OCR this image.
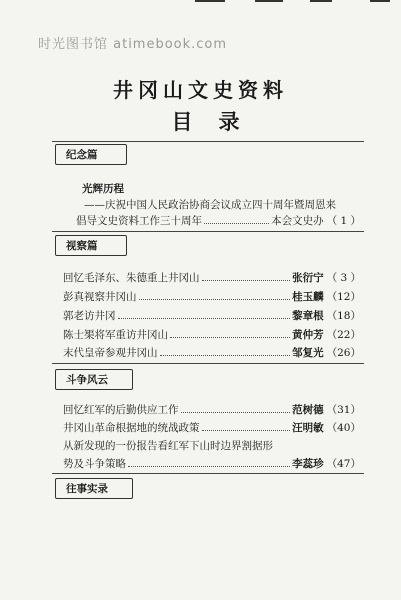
时光图书馆 atimebook.com
井冈山文史资料
目录
纪念篇
光辉历程
——庆祝中国人民政治协商会议成立四十周年暨周恩来
倡导文史资料工作三十周年	本会文史办 （ 1 ）
视察篇
回忆毛泽东、朱德重上井冈山	张衍宁 （ 3 ）
彭真视察井冈山	桂玉麟 （12）
郭老访井冈	黎章根 （18）
陈士榘将军重访井冈山	黄仲芳 （22）
末代皇帝参观井冈山	邹复光 （26）
斗争风云
回忆红军的后勤供应工作	范树德 （31）
井冈山革命根据地的统战政策	汪明敏 （40）
从新发现的一份报告看红军下山时边界割据形
势及斗争策略	李蕊珍 （47）
往事实录
